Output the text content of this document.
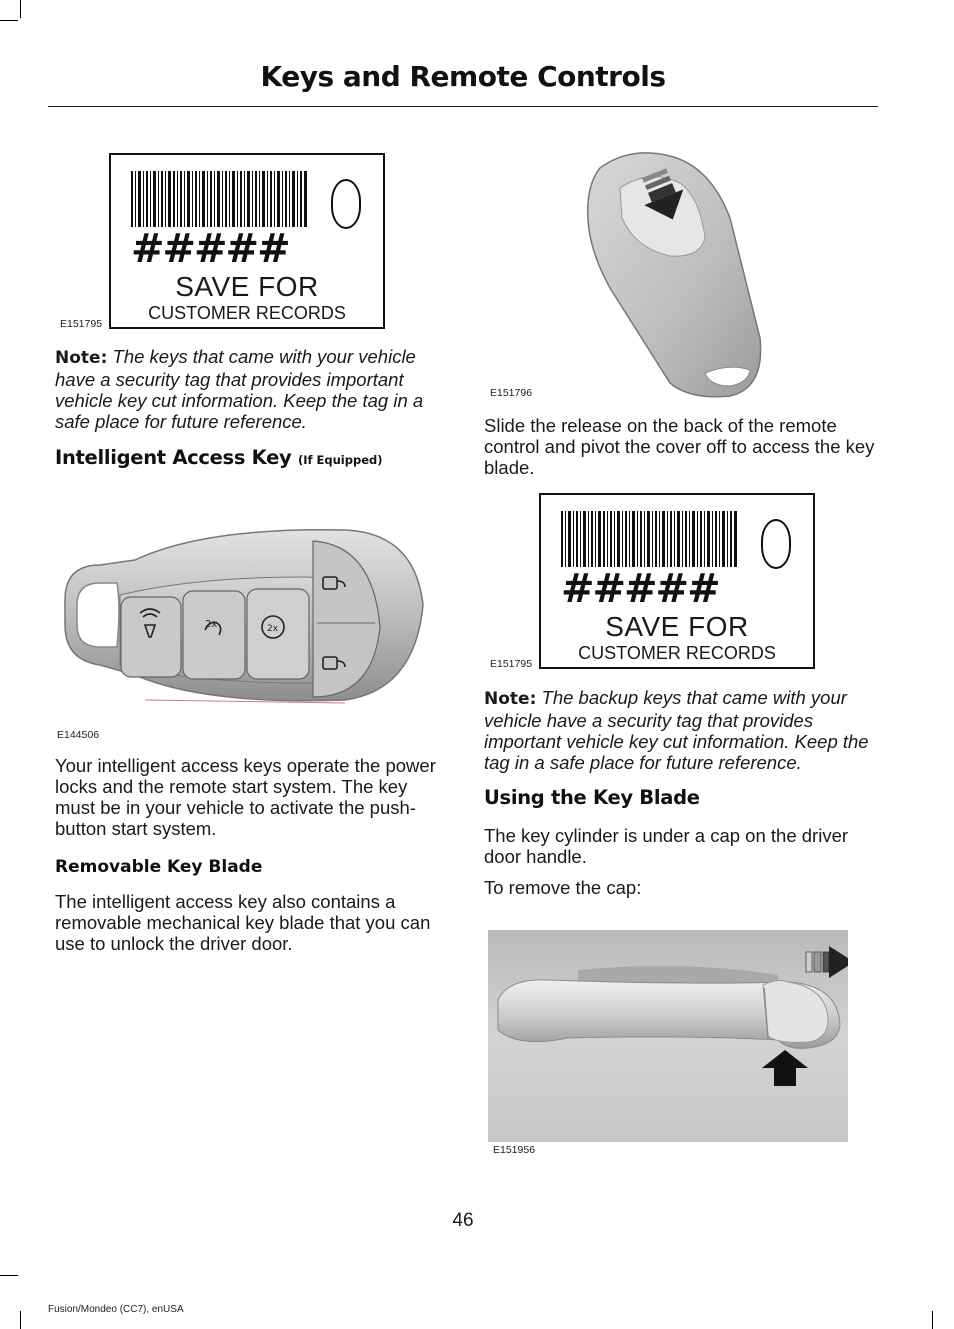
Keys and Remote Controls
E151795
#####
SAVE FOR
CUSTOMER RECORDS
Note: The keys that came with your vehicle have a security tag that provides important vehicle key cut information. Keep the tag in a safe place for future reference.
Intelligent Access Key (If Equipped)
2x	2x
E144506
Your intelligent access keys operate the power locks and the remote start system. The key must be in your vehicle to activate the push-button start system.
Removable Key Blade
The intelligent access key also contains a removable mechanical key blade that you can use to unlock the driver door.
E151796
Slide the release on the back of the remote control and pivot the cover off to access the key blade.
E151795
#####
SAVE FOR
CUSTOMER RECORDS
Note: The backup keys that came with your vehicle have a security tag that provides important vehicle key cut information. Keep the tag in a safe place for future reference.
Using the Key Blade
The key cylinder is under a cap on the driver door handle.
To remove the cap:
E151956
46
Fusion/Mondeo (CC7), enUSA
